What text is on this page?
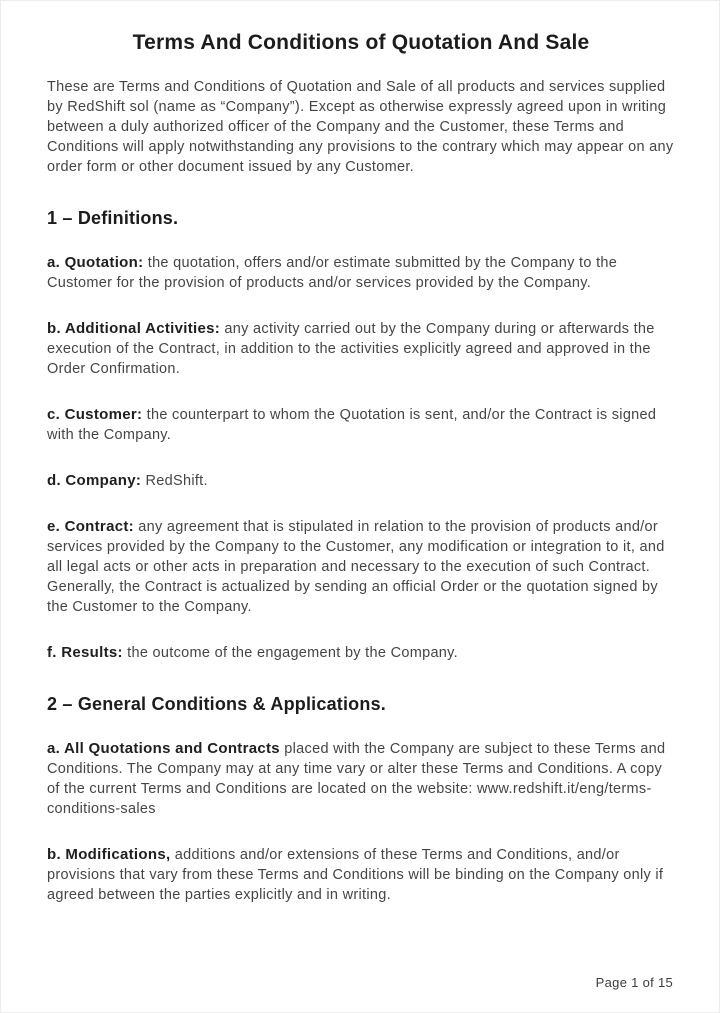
Terms And Conditions of Quotation And Sale

These are Terms and Conditions of Quotation and Sale of all products and services supplied by RedShift sol (name as “Company”). Except as otherwise expressly agreed upon in writing between a duly authorized officer of the Company and the Customer, these Terms and Conditions will apply notwithstanding any provisions to the contrary which may appear on any order form or other document issued by any Customer.

1 – Definitions.

a. Quotation: the quotation, offers and/or estimate submitted by the Company to the Customer for the provision of products and/or services provided by the Company.

b. Additional Activities: any activity carried out by the Company during or afterwards the execution of the Contract, in addition to the activities explicitly agreed and approved in the Order Confirmation.

c. Customer: the counterpart to whom the Quotation is sent, and/or the Contract is signed with the Company.

d. Company: RedShift.

e. Contract: any agreement that is stipulated in relation to the provision of products and/or services provided by the Company to the Customer, any modification or integration to it, and all legal acts or other acts in preparation and necessary to the execution of such Contract. Generally, the Contract is actualized by sending an official Order or the quotation signed by the Customer to the Company.

f. Results: the outcome of the engagement by the Company.

2 – General Conditions & Applications.

a. All Quotations and Contracts placed with the Company are subject to these Terms and Conditions. The Company may at any time vary or alter these Terms and Conditions. A copy of the current Terms and Conditions are located on the website: www.redshift.it/eng/terms-conditions-sales

b. Modifications, additions and/or extensions of these Terms and Conditions, and/or provisions that vary from these Terms and Conditions will be binding on the Company only if agreed between the parties explicitly and in writing.

Page 1 of 15
